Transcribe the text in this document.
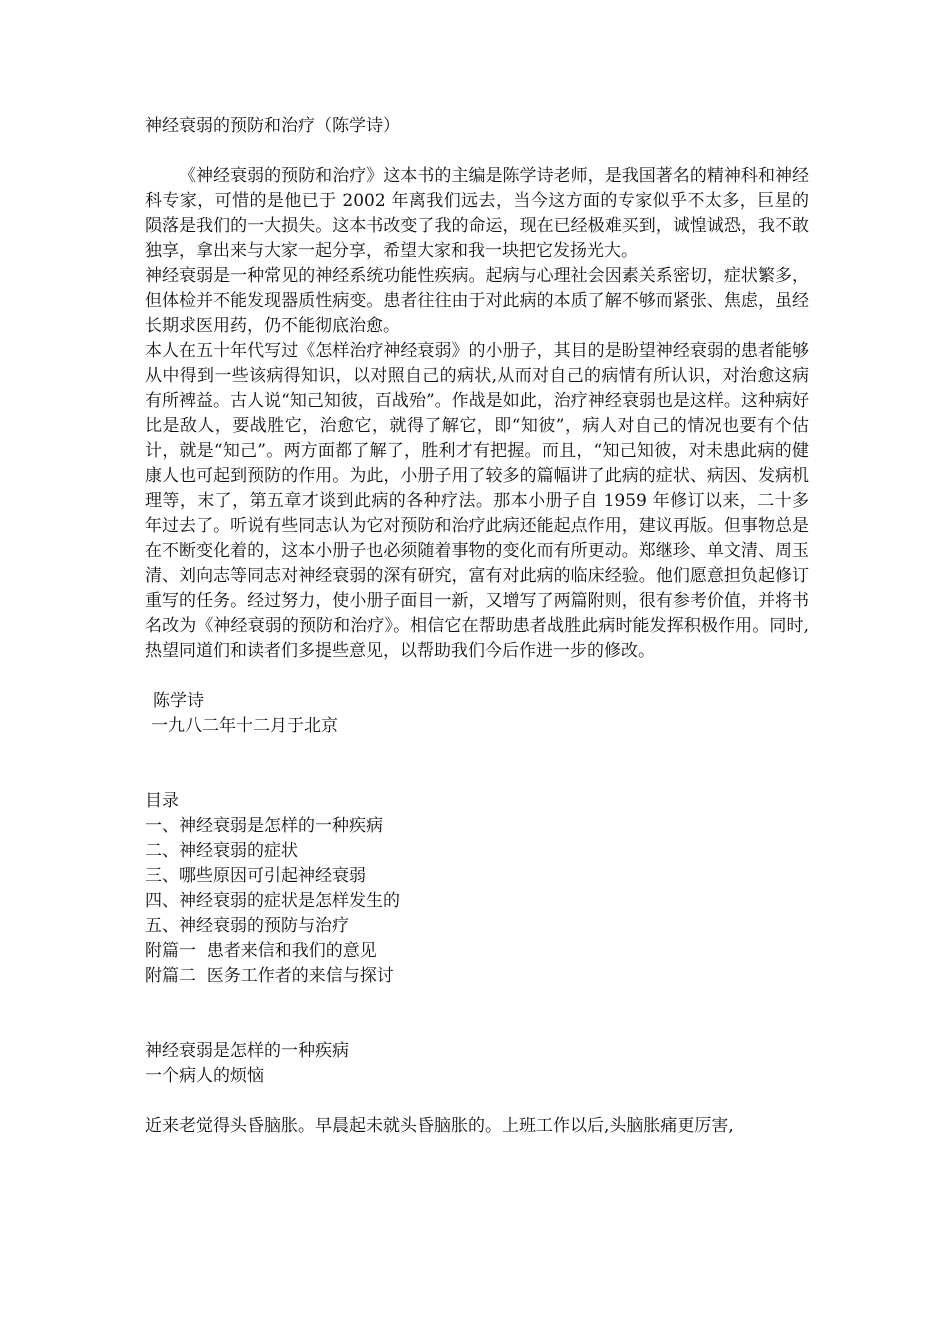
神经衰弱的预防和治疗（陈学诗）

《神经衰弱的预防和治疗》这本书的主编是陈学诗老师，是我国著名的精神科和神经科专家，可惜的是他已于 2002 年离我们远去，当今这方面的专家似乎不太多，巨星的陨落是我们的一大损失。这本书改变了我的命运，现在已经极难买到，诚惶诚恐，我不敢独享，拿出来与大家一起分享，希望大家和我一块把它发扬光大。

神经衰弱是一种常见的神经系统功能性疾病。起病与心理社会因素关系密切，症状繁多，但体检并不能发现器质性病变。患者往往由于对此病的本质了解不够而紧张、焦虑，虽经长期求医用药，仍不能彻底治愈。

本人在五十年代写过《怎样治疗神经衰弱》的小册子，其目的是盼望神经衰弱的患者能够从中得到一些该病得知识，以对照自己的病状,从而对自己的病情有所认识，对治愈这病有所裨益。古人说“知己知彼，百战殆”。作战是如此，治疗神经衰弱也是这样。这种病好比是敌人，要战胜它，治愈它，就得了解它，即“知彼”，病人对自己的情况也要有个估计，就是“知己”。两方面都了解了，胜利才有把握。而且，“知己知彼，对未患此病的健康人也可起到预防的作用。为此，小册子用了较多的篇幅讲了此病的症状、病因、发病机理等，末了，第五章才谈到此病的各种疗法。那本小册子自 1959 年修订以来，二十多年过去了。听说有些同志认为它对预防和治疗此病还能起点作用，建议再版。但事物总是在不断变化着的，这本小册子也必须随着事物的变化而有所更动。郑继珍、单文清、周玉清、刘向志等同志对神经衰弱的深有研究，富有对此病的临床经验。他们愿意担负起修订重写的任务。经过努力，使小册子面目一新，又增写了两篇附则，很有参考价值，并将书名改为《神经衰弱的预防和治疗》。相信它在帮助患者战胜此病时能发挥积极作用。同时, 热望同道们和读者们多提些意见，以帮助我们今后作进一步的修改。

陈学诗

一九八二年十二月于北京

目录

一、神经衰弱是怎样的一种疾病

二、神经衰弱的症状

三、哪些原因可引起神经衰弱

四、神经衰弱的症状是怎样发生的

五、神经衰弱的预防与治疗

附篇一  患者来信和我们的意见

附篇二  医务工作者的来信与探讨

神经衰弱是怎样的一种疾病

一个病人的烦恼

近来老觉得头昏脑胀。早晨起未就头昏脑胀的。上班工作以后,头脑胀痛更厉害,
